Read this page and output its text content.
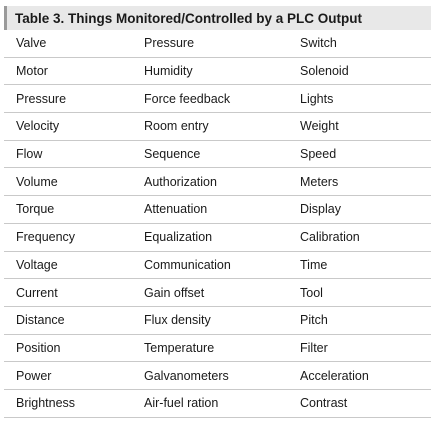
Table 3. Things Monitored/Controlled by a PLC Output
Valve	Pressure	Switch
Motor	Humidity	Solenoid
Pressure	Force feedback	Lights
Velocity	Room entry	Weight
Flow	Sequence	Speed
Volume	Authorization	Meters
Torque	Attenuation	Display
Frequency	Equalization	Calibration
Voltage	Communication	Time
Current	Gain offset	Tool
Distance	Flux density	Pitch
Position	Temperature	Filter
Power	Galvanometers	Acceleration
Brightness	Air-fuel ration	Contrast
